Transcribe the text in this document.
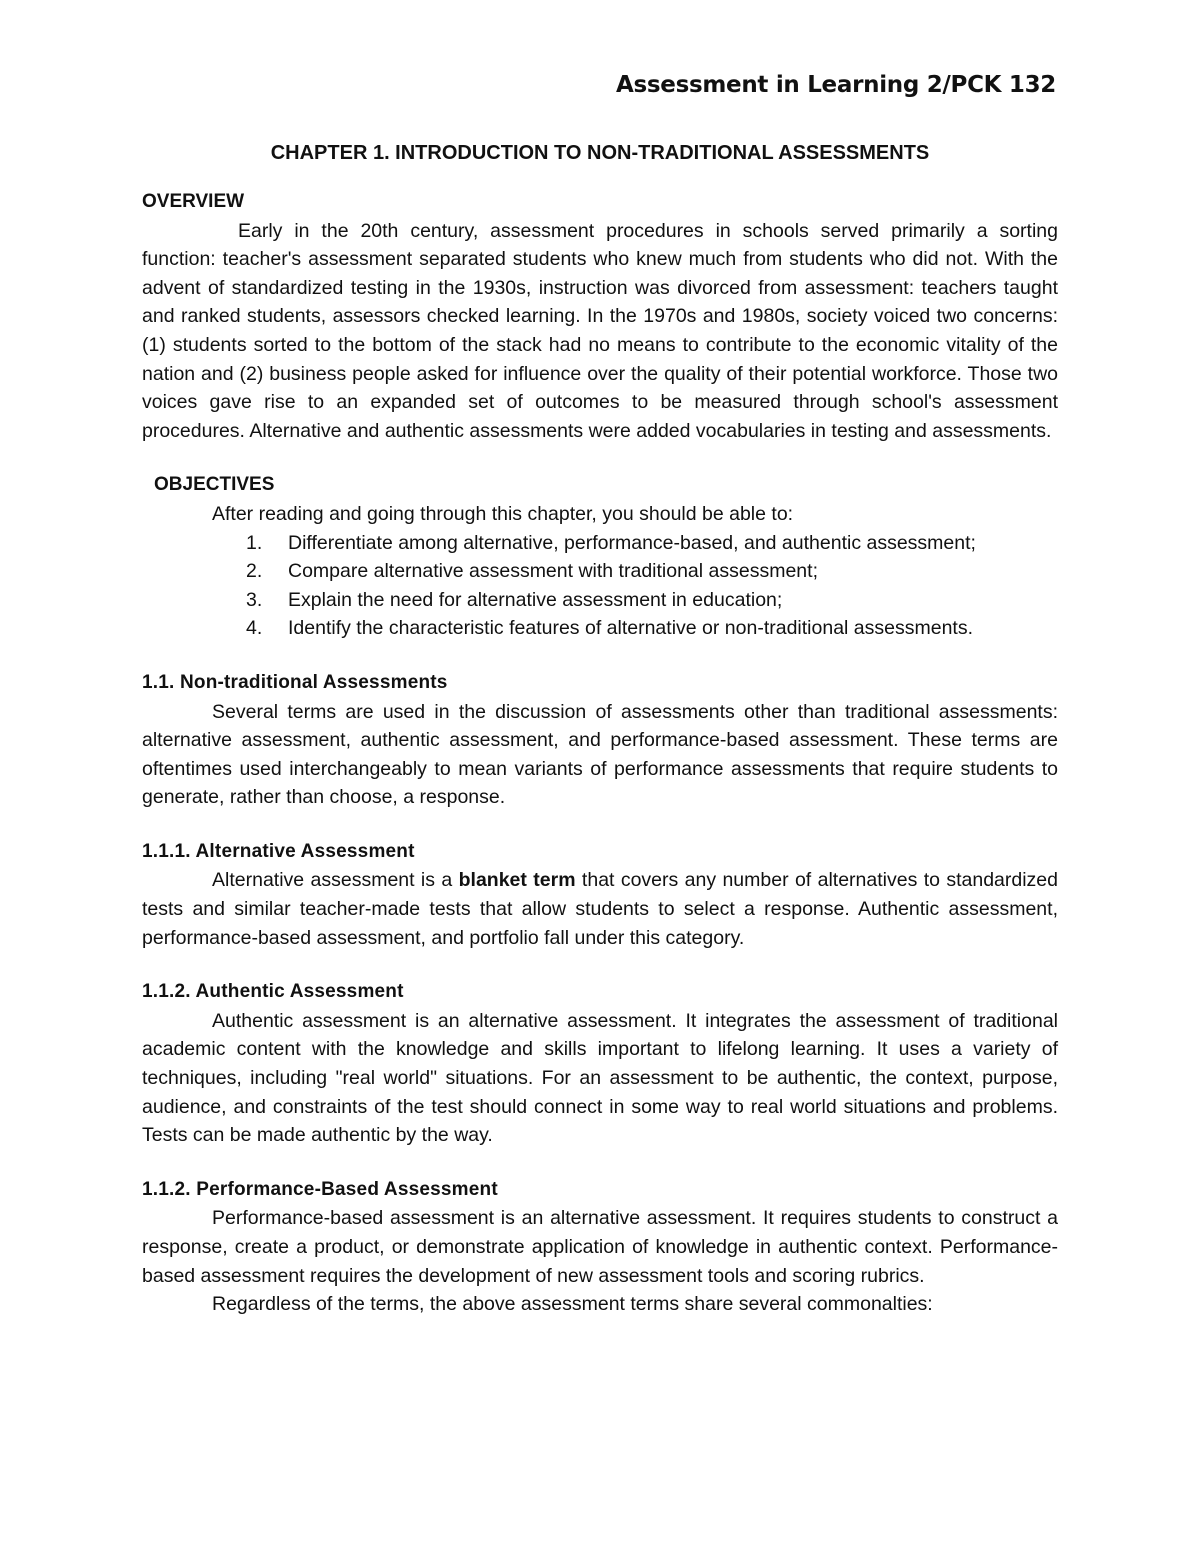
Assessment in Learning 2/PCK 132
CHAPTER 1. INTRODUCTION TO NON-TRADITIONAL ASSESSMENTS

OVERVIEW

Early in the 20th century, assessment procedures in schools served primarily a sorting function: teacher's assessment separated students who knew much from students who did not. With the advent of standardized testing in the 1930s, instruction was divorced from assessment: teachers taught and ranked students, assessors checked learning. In the 1970s and 1980s, society voiced two concerns: (1) students sorted to the bottom of the stack had no means to contribute to the economic vitality of the nation and (2) business people asked for influence over the quality of their potential workforce. Those two voices gave rise to an expanded set of outcomes to be measured through school's assessment procedures. Alternative and authentic assessments were added vocabularies in testing and assessments.

OBJECTIVES

After reading and going through this chapter, you should be able to:

1.	Differentiate among alternative, performance-based, and authentic assessment;
2.	Compare alternative assessment with traditional assessment;
3.	Explain the need for alternative assessment in education;
4.	Identify the characteristic features of alternative or non-traditional assessments.

1.1. Non-traditional Assessments

Several terms are used in the discussion of assessments other than traditional assessments: alternative assessment, authentic assessment, and performance-based assessment. These terms are oftentimes used interchangeably to mean variants of performance assessments that require students to generate, rather than choose, a response.

1.1.1. Alternative Assessment

Alternative assessment is a blanket term that covers any number of alternatives to standardized tests and similar teacher-made tests that allow students to select a response. Authentic assessment, performance-based assessment, and portfolio fall under this category.

1.1.2. Authentic Assessment

Authentic assessment is an alternative assessment. It integrates the assessment of traditional academic content with the knowledge and skills important to lifelong learning. It uses a variety of techniques, including "real world" situations. For an assessment to be authentic, the context, purpose, audience, and constraints of the test should connect in some way to real world situations and problems. Tests can be made authentic by the way.

1.1.2. Performance-Based Assessment

Performance-based assessment is an alternative assessment. It requires students to construct a response, create a product, or demonstrate application of knowledge in authentic context. Performance-based assessment requires the development of new assessment tools and scoring rubrics.

Regardless of the terms, the above assessment terms share several commonalties:
